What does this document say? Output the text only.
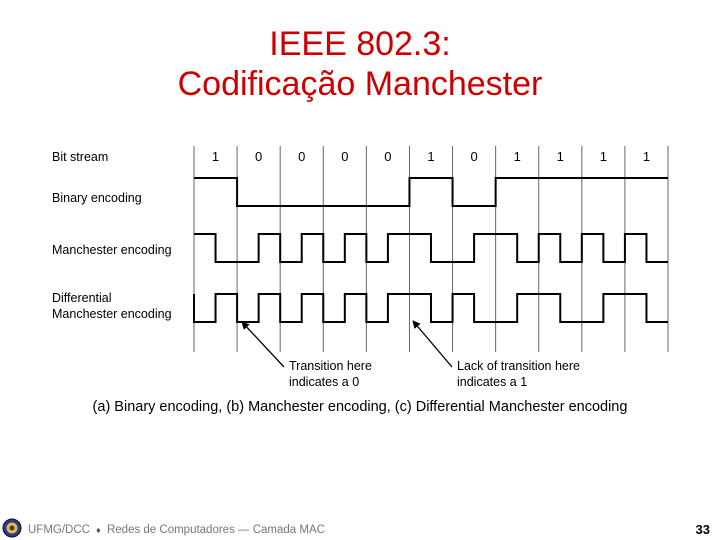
IEEE 802.3:
Codificação Manchester
Bit stream
Binary encoding
Manchester encoding
Differential
Manchester encoding
1	0	0	0	0	1	0	1	1	1	1
Transition here
indicates a 0
Lack of transition here
indicates a 1
(a) Binary encoding, (b) Manchester encoding, (c) Differential Manchester encoding
UFMG/DCC ♦ Redes de Computadores — Camada MAC	33
